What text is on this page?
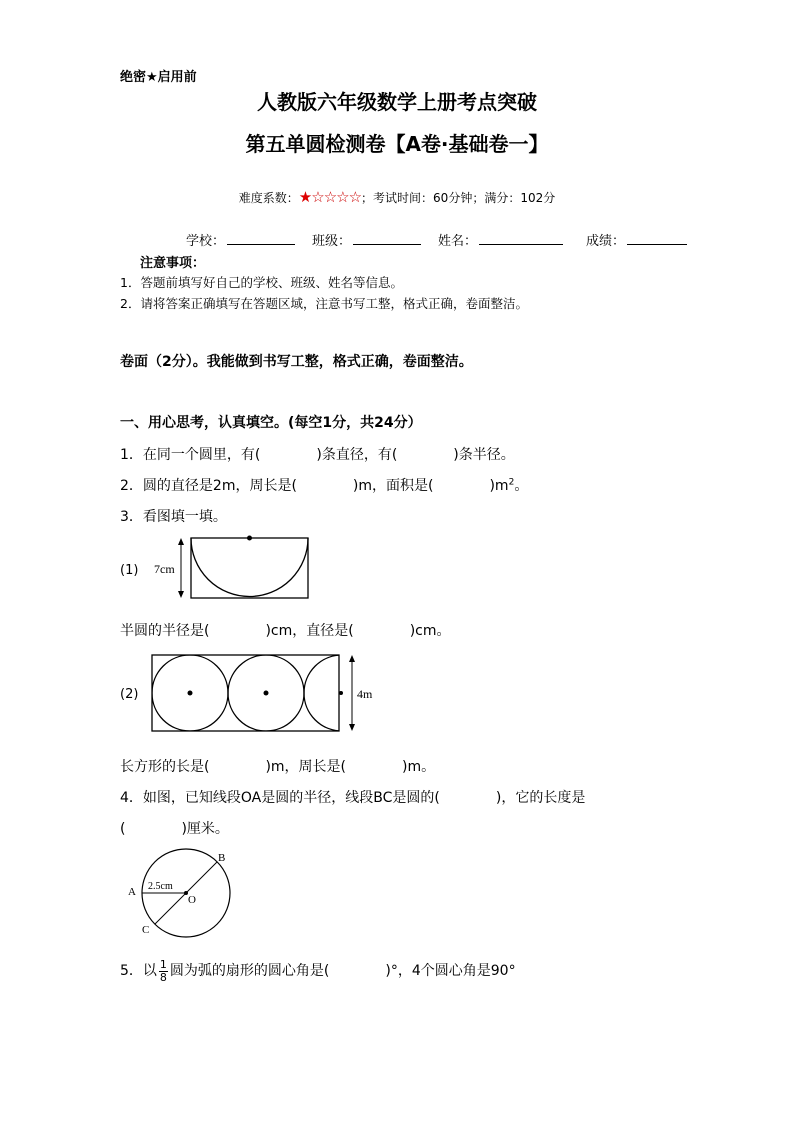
绝密★启用前
人教版六年级数学上册考点突破
第五单圆检测卷【A卷·基础卷一】
难度系数：★☆☆☆☆；考试时间：60分钟；满分：102分
学校：	班级：	姓名：	成绩：
注意事项：
1．答题前填写好自己的学校、班级、姓名等信息。
2．请将答案正确填写在答题区域，注意书写工整，格式正确，卷面整洁。
卷面（2分）。我能做到书写工整，格式正确，卷面整洁。
一、用心思考，认真填空。(每空1分，共24分）
1．在同一个圆里，有(　　　　)条直径，有(　　　　)条半径。
2．圆的直径是2m，周长是(　　　　)m，面积是(　　　　)$m^2$。
3．看图填一填。
(1) 7cm
半圆的半径是(　　　　)cm，直径是(　　　　)cm。
(2)	4m
长方形的长是(　　　　)m，周长是(　　　　)m。
4．如图，已知线段OA是圆的半径，线段BC是圆的(　　　　)，它的长度是
(　　　　)厘米。
A
B
C
O
2.5cm
5．以 $\frac{1}{8}$ 圆为弧的扇形的圆心角是(　　　　)°，4个圆心角是90°
